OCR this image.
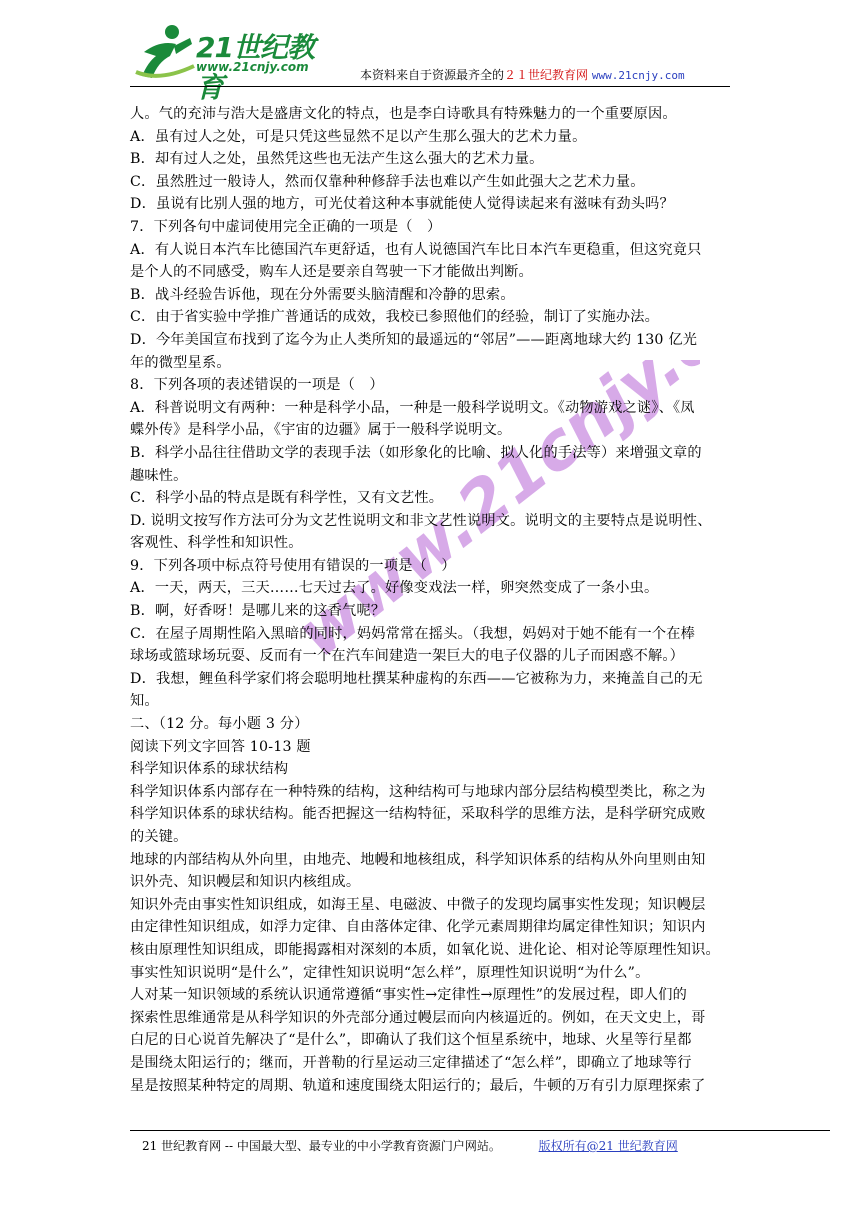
21世纪教育
www.21cnjy.com
本资料来自于资源最齐全的２１世纪教育网 www.21cnjy.com
www.21cnjy.com
人。气的充沛与浩大是盛唐文化的特点，也是李白诗歌具有特殊魅力的一个重要原因。
A．虽有过人之处，可是只凭这些显然不足以产生那么强大的艺术力量。
B．却有过人之处，虽然凭这些也无法产生这么强大的艺术力量。
C．虽然胜过一般诗人，然而仅靠种种修辞手法也难以产生如此强大之艺术力量。
D．虽说有比别人强的地方，可光仗着这种本事就能使人觉得读起来有滋味有劲头吗？
7．下列各句中虚词使用完全正确的一项是（　）
A．有人说日本汽车比德国汽车更舒适，也有人说德国汽车比日本汽车更稳重，但这究竟只
是个人的不同感受，购车人还是要亲自驾驶一下才能做出判断。
B．战斗经验告诉他，现在分外需要头脑清醒和冷静的思索。
C．由于省实验中学推广普通话的成效，我校已参照他们的经验，制订了实施办法。
D．今年美国宣布找到了迄今为止人类所知的最遥远的“邻居”——距离地球大约 130 亿光
年的微型星系。
8．下列各项的表述错误的一项是（　）
A．科普说明文有两种：一种是科学小品，一种是一般科学说明文。《动物游戏之谜》、《凤
蝶外传》是科学小品，《宇宙的边疆》属于一般科学说明文。
B．科学小品往往借助文学的表现手法（如形象化的比喻、拟人化的手法等）来增强文章的
趣味性。
C．科学小品的特点是既有科学性，又有文艺性。
D. 说明文按写作方法可分为文艺性说明文和非文艺性说明文。说明文的主要特点是说明性、
客观性、科学性和知识性。
9．下列各项中标点符号使用有错误的一项是（　）
A．一天，两天，三天……七天过去了。好像变戏法一样，卵突然变成了一条小虫。
B．啊，好香呀！是哪儿来的这香气呢？
C．在屋子周期性陷入黑暗的同时，妈妈常常在摇头。（我想，妈妈对于她不能有一个在棒
球场或篮球场玩耍、反而有一个在汽车间建造一架巨大的电子仪器的儿子而困惑不解。）
D．我想，鲤鱼科学家们将会聪明地杜撰某种虚构的东西——它被称为力，来掩盖自己的无
知。
二、（12 分。每小题 3 分）
阅读下列文字回答 10-13 题
科学知识体系的球状结构
科学知识体系内部存在一种特殊的结构，这种结构可与地球内部分层结构模型类比，称之为
科学知识体系的球状结构。能否把握这一结构特征，采取科学的思维方法，是科学研究成败
的关键。
地球的内部结构从外向里，由地壳、地幔和地核组成，科学知识体系的结构从外向里则由知
识外壳、知识幔层和知识内核组成。
知识外壳由事实性知识组成，如海王星、电磁波、中微子的发现均属事实性发现；知识幔层
由定律性知识组成，如浮力定律、自由落体定律、化学元素周期律均属定律性知识；知识内
核由原理性知识组成，即能揭露相对深刻的本质，如氧化说、进化论、相对论等原理性知识。
事实性知识说明“是什么”，定律性知识说明“怎么样”，原理性知识说明“为什么”。
人对某一知识领域的系统认识通常遵循“事实性→定律性→原理性”的发展过程，即人们的
探索性思维通常是从科学知识的外壳部分通过幔层而向内核逼近的。例如，在天文史上，哥
白尼的日心说首先解决了“是什么”，即确认了我们这个恒星系统中，地球、火星等行星都
是围绕太阳运行的；继而，开普勒的行星运动三定律描述了“怎么样”，即确立了地球等行
星是按照某种特定的周期、轨道和速度围绕太阳运行的；最后，牛顿的万有引力原理探索了
21 世纪教育网 -- 中国最大型、最专业的中小学教育资源门户网站。	版权所有@21 世纪教育网
